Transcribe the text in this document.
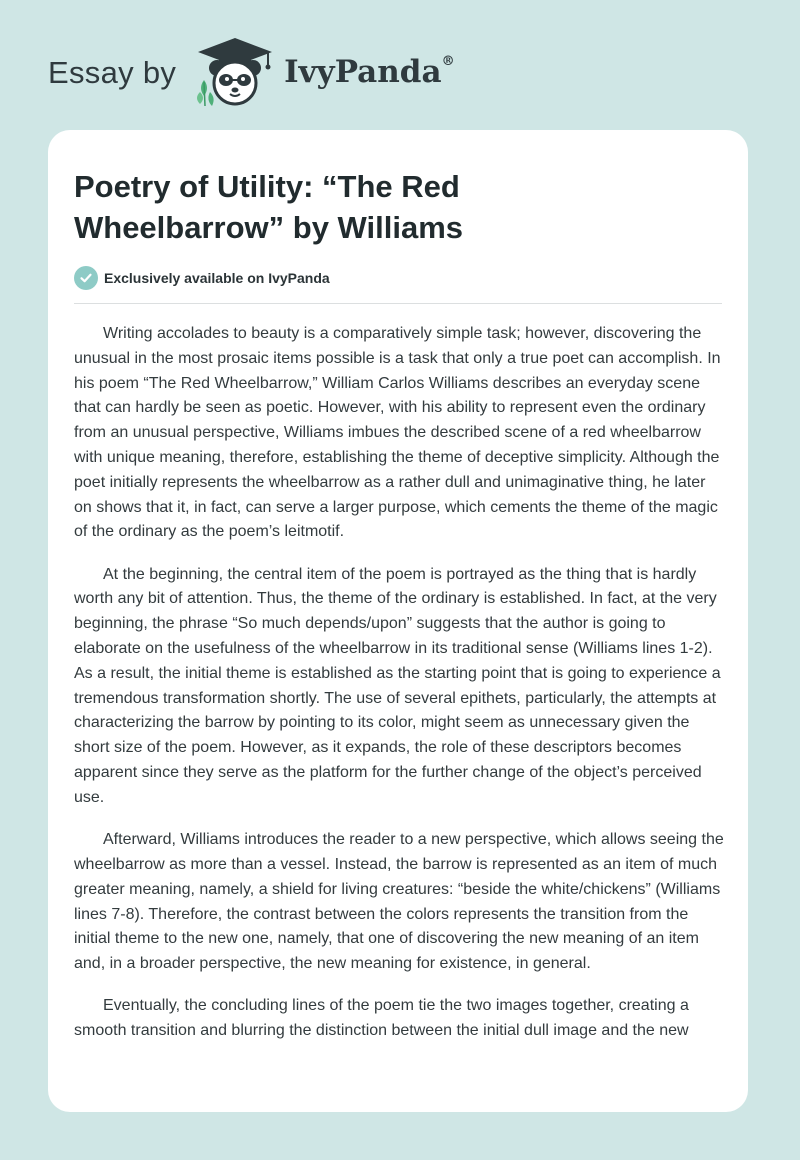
Essay by	IvyPanda®
Poetry of Utility: “The Red Wheelbarrow” by Williams
Exclusively available on IvyPanda

Writing accolades to beauty is a comparatively simple task; however, discovering the unusual in the most prosaic items possible is a task that only a true poet can accomplish. In his poem “The Red Wheelbarrow,” William Carlos Williams describes an everyday scene that can hardly be seen as poetic. However, with his ability to represent even the ordinary from an unusual perspective, Williams imbues the described scene of a red wheelbarrow with unique meaning, therefore, establishing the theme of deceptive simplicity. Although the poet initially represents the wheelbarrow as a rather dull and unimaginative thing, he later on shows that it, in fact, can serve a larger purpose, which cements the theme of the magic of the ordinary as the poem’s leitmotif.

At the beginning, the central item of the poem is portrayed as the thing that is hardly worth any bit of attention. Thus, the theme of the ordinary is established. In fact, at the very beginning, the phrase “So much depends/upon” suggests that the author is going to elaborate on the usefulness of the wheelbarrow in its traditional sense (Williams lines 1-2). As a result, the initial theme is established as the starting point that is going to experience a tremendous transformation shortly. The use of several epithets, particularly, the attempts at characterizing the barrow by pointing to its color, might seem as unnecessary given the short size of the poem. However, as it expands, the role of these descriptors becomes apparent since they serve as the platform for the further change of the object’s perceived use.

Afterward, Williams introduces the reader to a new perspective, which allows seeing the wheelbarrow as more than a vessel. Instead, the barrow is represented as an item of much greater meaning, namely, a shield for living creatures: “beside the white/chickens” (Williams lines 7-8). Therefore, the contrast between the colors represents the transition from the initial theme to the new one, namely, that one of discovering the new meaning of an item and, in a broader perspective, the new meaning for existence, in general.

Eventually, the concluding lines of the poem tie the two images together, creating a smooth transition and blurring the distinction between the initial dull image and the new
